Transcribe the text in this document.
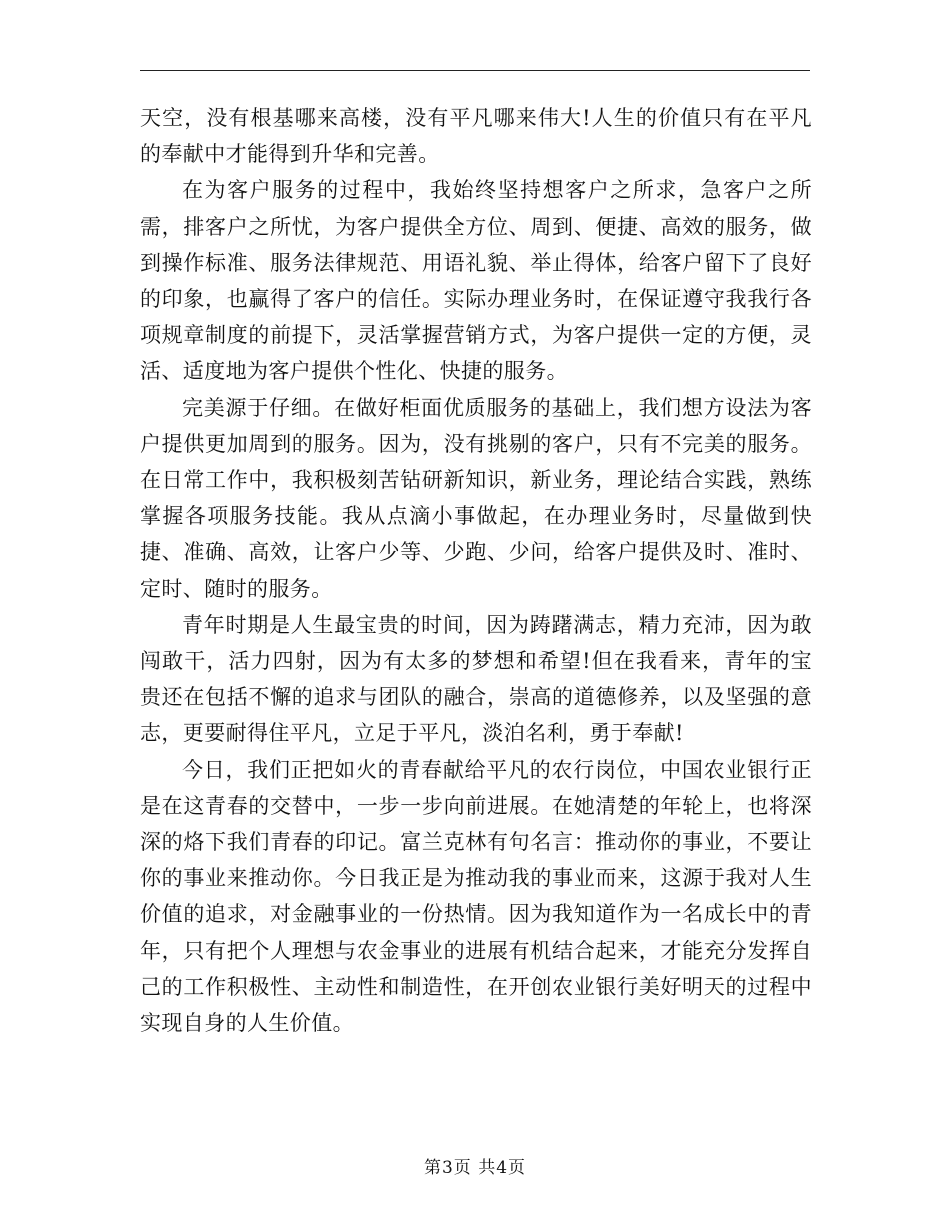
天空，没有根基哪来高楼，没有平凡哪来伟大!人生的价值只有在平凡的奉献中才能得到升华和完善。

在为客户服务的过程中，我始终坚持想客户之所求，急客户之所需，排客户之所忧，为客户提供全方位、周到、便捷、高效的服务，做到操作标准、服务法律规范、用语礼貌、举止得体，给客户留下了良好的印象，也赢得了客户的信任。实际办理业务时，在保证遵守我我行各项规章制度的前提下，灵活掌握营销方式，为客户提供一定的方便，灵活、适度地为客户提供个性化、快捷的服务。

完美源于仔细。在做好柜面优质服务的基础上，我们想方设法为客户提供更加周到的服务。因为，没有挑剔的客户，只有不完美的服务。在日常工作中，我积极刻苦钻研新知识，新业务，理论结合实践，熟练掌握各项服务技能。我从点滴小事做起，在办理业务时，尽量做到快捷、准确、高效，让客户少等、少跑、少问，给客户提供及时、准时、定时、随时的服务。

青年时期是人生最宝贵的时间，因为踌躇满志，精力充沛，因为敢闯敢干，活力四射，因为有太多的梦想和希望!但在我看来，青年的宝贵还在包括不懈的追求与团队的融合，崇高的道德修养，以及坚强的意志，更要耐得住平凡，立足于平凡，淡泊名利，勇于奉献!

今日，我们正把如火的青春献给平凡的农行岗位，中国农业银行正是在这青春的交替中，一步一步向前进展。在她清楚的年轮上，也将深深的烙下我们青春的印记。富兰克林有句名言：推动你的事业，不要让你的事业来推动你。今日我正是为推动我的事业而来，这源于我对人生价值的追求，对金融事业的一份热情。因为我知道作为一名成长中的青年，只有把个人理想与农金事业的进展有机结合起来，才能充分发挥自己的工作积极性、主动性和制造性，在开创农业银行美好明天的过程中实现自身的人生价值。

第3页 共4页
